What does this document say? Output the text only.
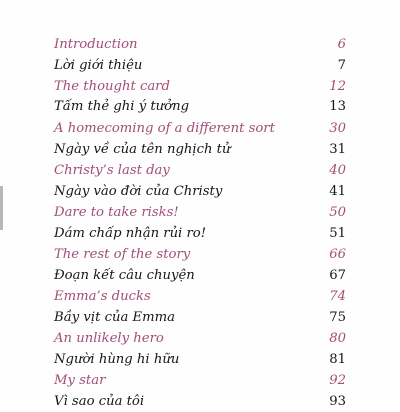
Introduction	6
Lời giới thiệu	7
The thought card	12
Tấm thẻ ghi ý tưởng	13
A homecoming of a different sort	30
Ngày về của tên nghịch tử	31
Christy’s last day	40
Ngày vào đời của Christy	41
Dare to take risks!	50
Dám chấp nhận rủi ro!	51
The rest of the story	66
Đoạn kết câu chuyện	67
Emma’s ducks	74
Bầy vịt của Emma	75
An unlikely hero	80
Người hùng hi hữu	81
My star	92
Vì sao của tôi	93
